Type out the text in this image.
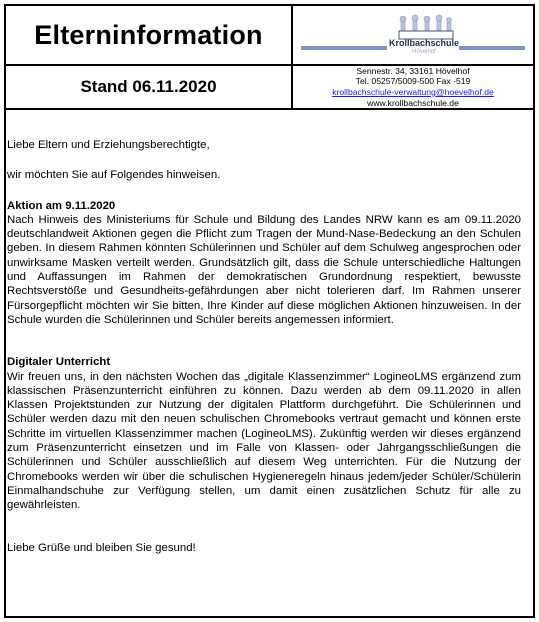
Elterninformation	Krollbachschule
Hövelhof
Stand 06.11.2020
Sennestr. 34, 33161 Hövelhof
Tel. 05257/5009-500 Fax -519
krollbachschule-verwaltung@hoevelhof.de
www.krollbachschule.de

Liebe Eltern und Erziehungsberechtigte,

wir möchten Sie auf Folgendes hinweisen.

Aktion am 9.11.2020

Nach Hinweis des Ministeriums für Schule und Bildung des Landes NRW kann es am 09.11.2020 deutschlandweit Aktionen gegen die Pflicht zum Tragen der Mund-Nase-Bedeckung an den Schulen geben. In diesem Rahmen könnten Schülerinnen und Schüler auf dem Schulweg angesprochen oder unwirksame Masken verteilt werden. Grundsätzlich gilt, dass die Schule unterschiedliche Haltungen und Auffassungen im Rahmen der demokratischen Grundordnung respektiert, bewusste Rechtsverstöße und Gesundheits-gefährdungen aber nicht tolerieren darf. Im Rahmen unserer Fürsorgepflicht möchten wir Sie bitten, Ihre Kinder auf diese möglichen Aktionen hinzuweisen. In der Schule wurden die Schülerinnen und Schüler bereits angemessen informiert.

Digitaler Unterricht

Wir freuen uns, in den nächsten Wochen das „digitale Klassenzimmer“ LogineoLMS ergänzend zum klassischen Präsenzunterricht einführen zu können. Dazu werden ab dem 09.11.2020 in allen Klassen Projektstunden zur Nutzung der digitalen Plattform durchgeführt. Die Schülerinnen und Schüler werden dazu mit den neuen schulischen Chromebooks vertraut gemacht und können erste Schritte im virtuellen Klassenzimmer machen (LogineoLMS). Zukünftig werden wir dieses ergänzend zum Präsenzunterricht einsetzen und im Falle von Klassen- oder Jahrgangsschließungen die Schülerinnen und Schüler ausschließlich auf diesem Weg unterrichten. Für die Nutzung der Chromebooks werden wir über die schulischen Hygieneregeln hinaus jedem/jeder Schüler/Schülerin Einmalhandschuhe zur Verfügung stellen, um damit einen zusätzlichen Schutz für alle zu gewährleisten.

Liebe Grüße und bleiben Sie gesund!
